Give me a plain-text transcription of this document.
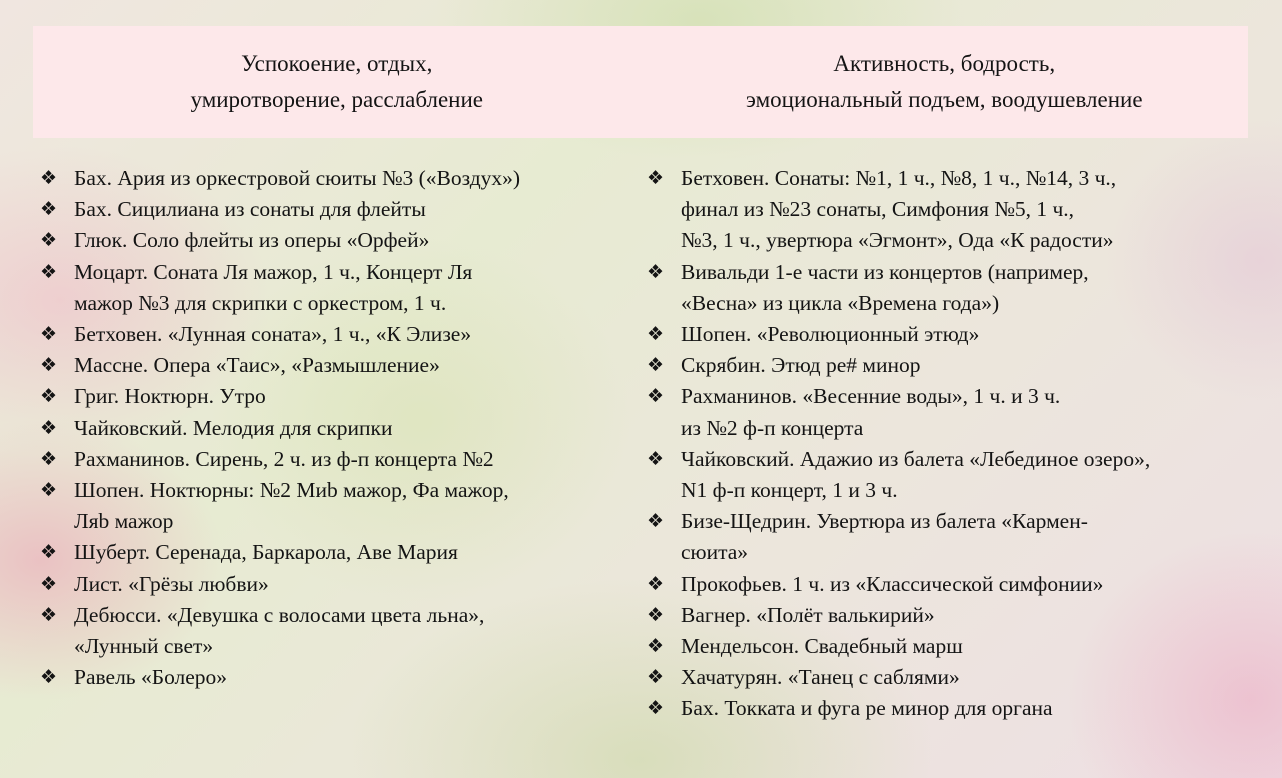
Успокоение, отдых,
умиротворение, расслабление
Активность, бодрость,
эмоциональный подъем, воодушевление
❖ Бах. Ария из оркестровой сюиты №3 («Воздух»)
❖ Бах. Сицилиана из сонаты для флейты
❖ Глюк. Соло флейты из оперы «Орфей»
❖ Моцарт. Соната Ля мажор, 1 ч., Концерт Ля
мажор №3 для скрипки с оркестром, 1 ч.
❖ Бетховен. «Лунная соната», 1 ч., «К Элизе»
❖ Массне. Опера «Таис», «Размышление»
❖ Григ. Ноктюрн. Утро
❖ Чайковский. Мелодия для скрипки
❖ Рахманинов. Сирень, 2 ч. из ф-п концерта №2
❖ Шопен. Ноктюрны: №2 Миb мажор, Фа мажор,
Ляb мажор
❖ Шуберт. Серенада, Баркарола, Аве Мария
❖ Лист. «Грёзы любви»
❖ Дебюсси. «Девушка с волосами цвета льна»,
«Лунный свет»
❖ Равель «Болеро»
❖ Бетховен. Сонаты: №1, 1 ч., №8, 1 ч., №14, 3 ч.,
финал из №23 сонаты, Симфония №5, 1 ч.,
№3, 1 ч., увертюра «Эгмонт», Ода «К радости»
❖ Вивальди 1-е части из концертов (например,
«Весна» из цикла «Времена года»)
❖ Шопен. «Революционный этюд»
❖ Скрябин. Этюд ре# минор
❖ Рахманинов. «Весенние воды», 1 ч. и 3 ч.
из №2 ф-п концерта
❖ Чайковский. Адажио из балета «Лебединое озеро»,
N1 ф-п концерт, 1 и 3 ч.
❖ Бизе-Щедрин. Увертюра из балета «Кармен-
сюита»
❖ Прокофьев. 1 ч. из «Классической симфонии»
❖ Вагнер. «Полёт валькирий»
❖ Мендельсон. Свадебный марш
❖ Хачатурян. «Танец с саблями»
❖ Бах. Токката и фуга ре минор для органа
